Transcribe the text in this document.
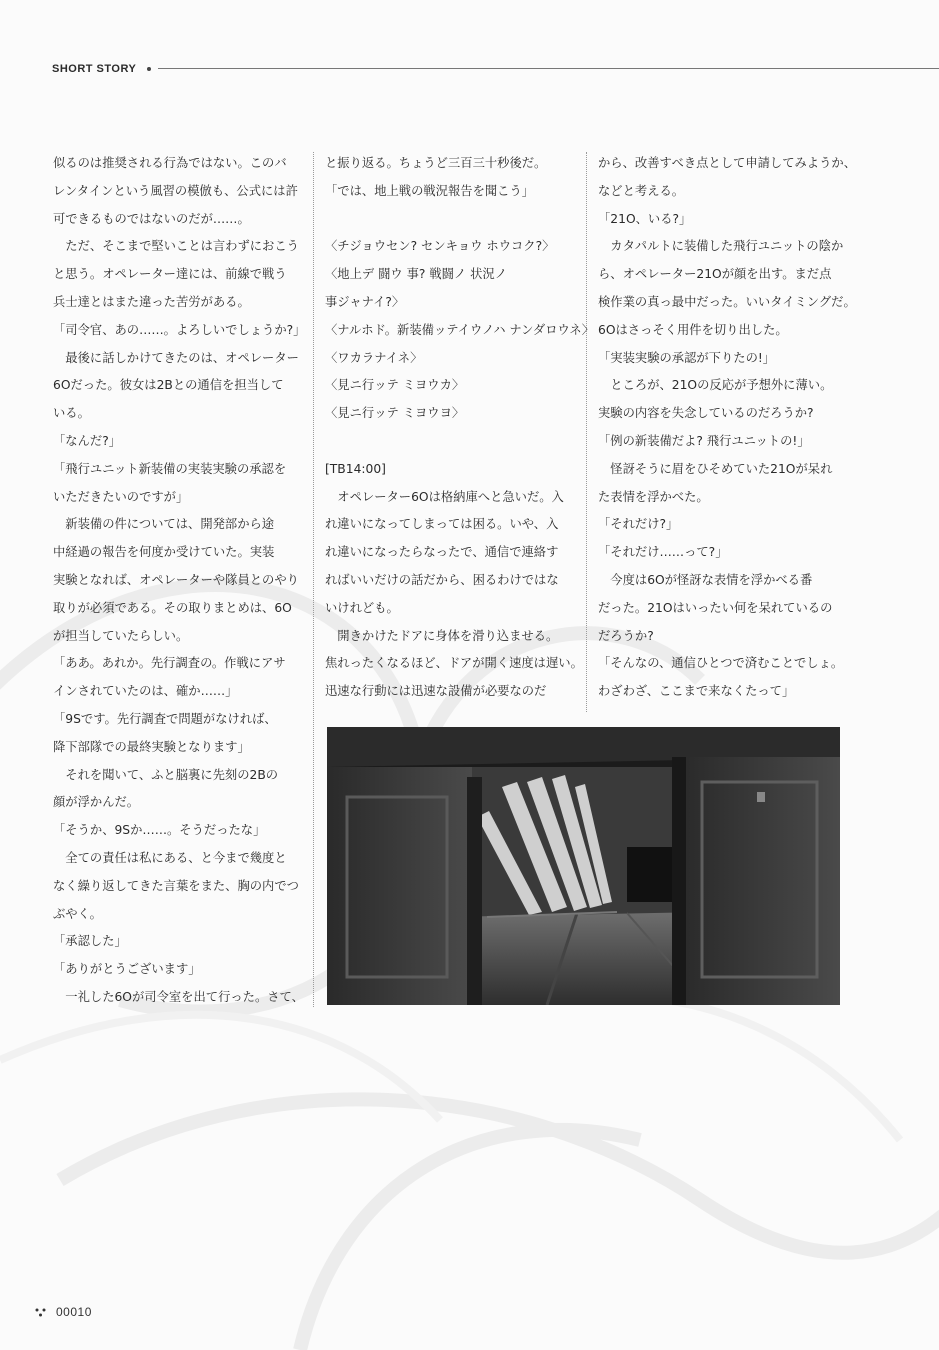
SHORT STORY

似るのは推奨される行為ではない。このバ

レンタインという風習の模倣も、公式には許

可できるものではないのだが……。

ただ、そこまで堅いことは言わずにおこう

と思う。オペレーター達には、前線で戦う

兵士達とはまた違った苦労がある。

「司令官、あの……。よろしいでしょうか?」

最後に話しかけてきたのは、オペレーター

6Oだった。彼女は2Bとの通信を担当して

いる。

「なんだ?」

「飛行ユニット新装備の実装実験の承認を

いただきたいのですが」

新装備の件については、開発部から途

中経過の報告を何度か受けていた。実装

実験となれば、オペレーターや隊員とのやり

取りが必須である。その取りまとめは、6O

が担当していたらしい。

「ああ。あれか。先行調査の。作戦にアサ

インされていたのは、確か……」

「9Sです。先行調査で問題がなければ、

降下部隊での最終実験となります」

それを聞いて、ふと脳裏に先刻の2Bの

顔が浮かんだ。

「そうか、9Sか……。そうだったな」

全ての責任は私にある、と今まで幾度と

なく繰り返してきた言葉をまた、胸の内でつ

ぶやく。

「承認した」

「ありがとうございます」

一礼した6Oが司令室を出て行った。さて、

と振り返る。ちょうど三百三十秒後だ。

「では、地上戦の戦況報告を聞こう」

〈チジョウセン? センキョウ ホウコク?〉

〈地上デ 闘ウ 事? 戦闘ノ 状況ノ

事ジャナイ?〉

〈ナルホド。新装備ッテイウノハ ナンダロウネ〉

〈ワカラナイネ〉

〈見ニ行ッテ ミヨウカ〉

〈見ニ行ッテ ミヨウヨ〉

[TB14:00]

オペレーター6Oは格納庫へと急いだ。入

れ違いになってしまっては困る。いや、入

れ違いになったらなったで、通信で連絡す

ればいいだけの話だから、困るわけではな

いけれども。

開きかけたドアに身体を滑り込ませる。

焦れったくなるほど、ドアが開く速度は遅い。

迅速な行動には迅速な設備が必要なのだ

から、改善すべき点として申請してみようか、

などと考える。

「21O、いる?」

カタパルトに装備した飛行ユニットの陰か

ら、オペレーター21Oが顔を出す。まだ点

検作業の真っ最中だった。いいタイミングだ。

6Oはさっそく用件を切り出した。

「実装実験の承認が下りたの!」

ところが、21Oの反応が予想外に薄い。

実験の内容を失念しているのだろうか?

「例の新装備だよ? 飛行ユニットの!」

怪訝そうに眉をひそめていた21Oが呆れ

た表情を浮かべた。

「それだけ?」

「それだけ……って?」

今度は6Oが怪訝な表情を浮かべる番

だった。21Oはいったい何を呆れているの

だろうか?

「そんなの、通信ひとつで済むことでしょ。

わざわざ、ここまで来なくたって」

00010
